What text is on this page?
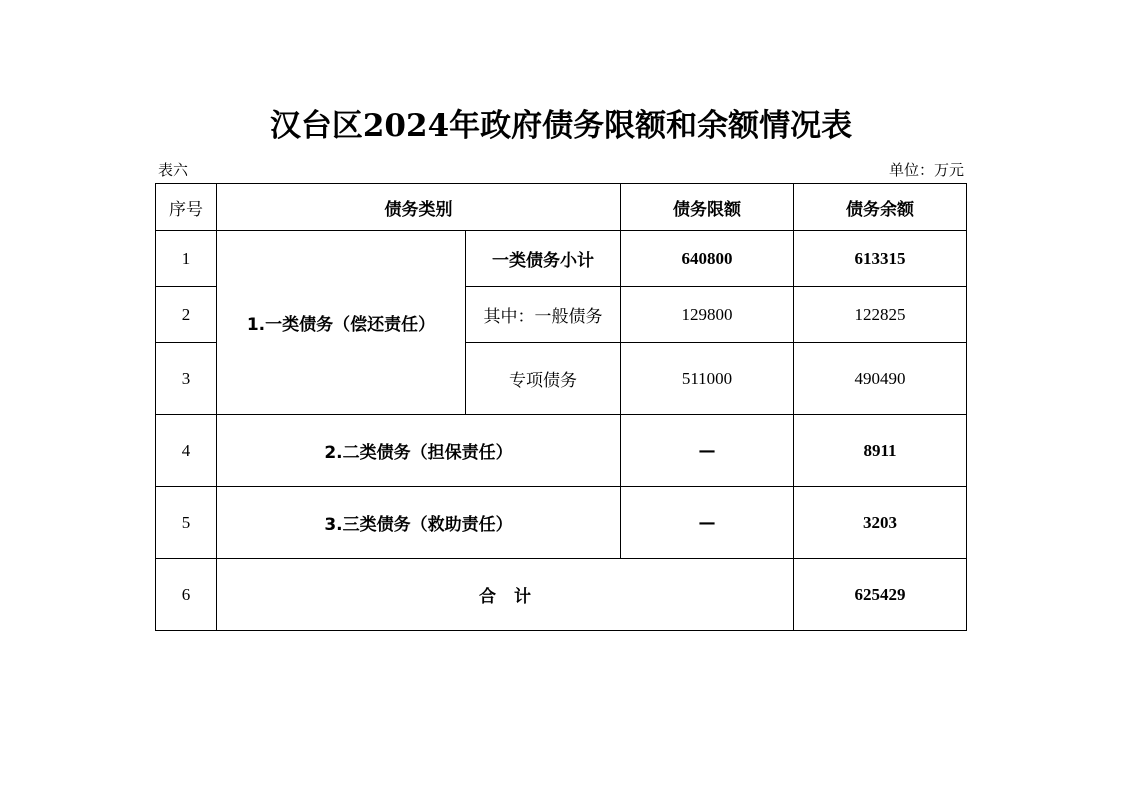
汉台区2024年政府债务限额和余额情况表
表六	单位：万元
序号	债务类别		债务限额	债务余额
1	1.一类债务（偿还责任）	一类债务小计	640800	613315
2		其中：一般债务	129800	122825
3		专项债务	511000	490490
4	2.二类债务（担保责任）		—	8911
5	3.三类债务（救助责任）		—	3203
6	合计			625429
